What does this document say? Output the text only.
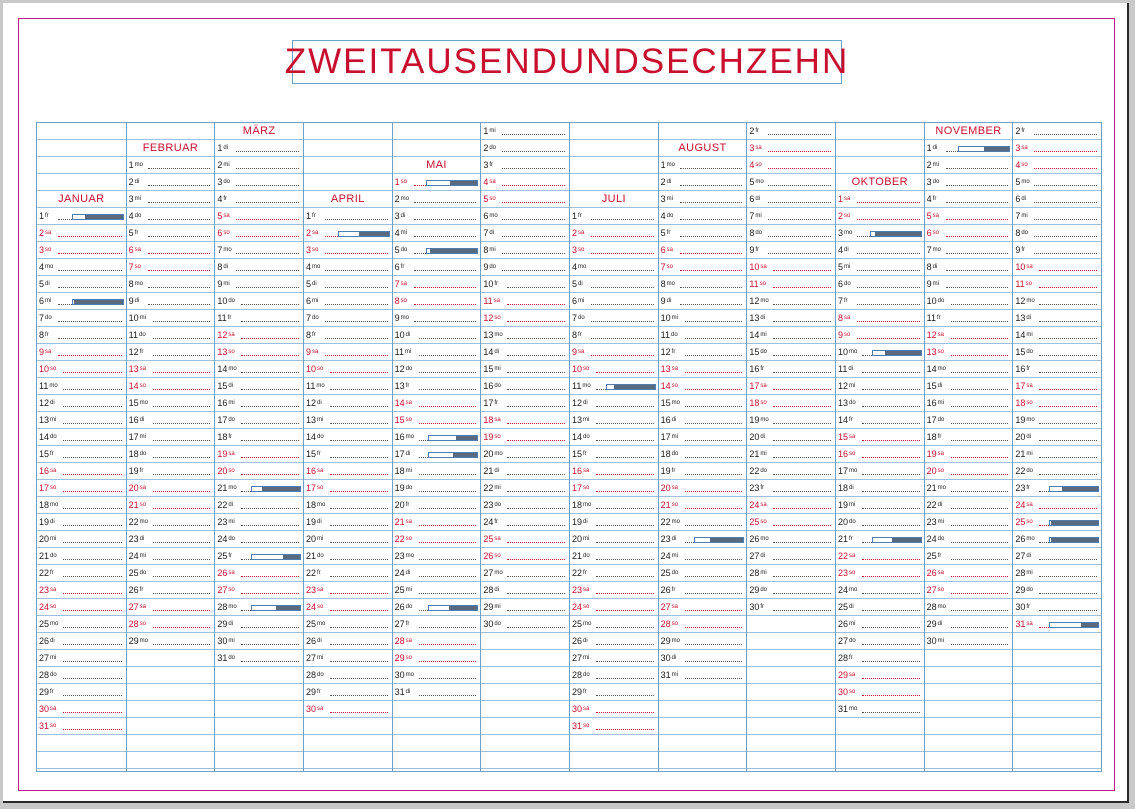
ZWEITAUSENDUNDSECHZEHN
JANUAR
$^{1fr}$
$^{2sa}$
$^{3so}$
$^{4mo}$
$^{5di}$
$^{6mi}$
$^{7do}$
$^{8fr}$
$^{9sa}$
$^{10so}$
$^{11mo}$
$^{12di}$
$^{13mi}$
$^{14do}$
$^{15fr}$
$^{16sa}$
$^{17so}$
$^{18mo}$
$^{19di}$
$^{20mi}$
$^{21do}$
$^{22fr}$
$^{23sa}$
$^{24so}$
$^{25mo}$
$^{26di}$
$^{27mi}$
$^{28do}$
$^{29fr}$
$^{30sa}$
$^{31so}$
FEBRUAR
$^{1mo}$
$^{2di}$
$^{3mi}$
$^{4do}$
$^{5fr}$
$^{6sa}$
$^{7so}$
$^{8mo}$
$^{9di}$
$^{10mi}$
$^{11do}$
$^{12fr}$
$^{13sa}$
$^{14so}$
$^{15mo}$
$^{16di}$
$^{17mi}$
$^{18do}$
$^{19fr}$
$^{20sa}$
$^{21so}$
$^{22mo}$
$^{23di}$
$^{24mi}$
$^{25do}$
$^{26fr}$
$^{27sa}$
$^{28so}$
$^{29mo}$
MÄRZ
$^{1di}$
$^{2mi}$
$^{3do}$
$^{4fr}$
$^{5sa}$
$^{6so}$
$^{7mo}$
$^{8di}$
$^{9mi}$
$^{10do}$
$^{11fr}$
$^{12sa}$
$^{13so}$
$^{14mo}$
$^{15di}$
$^{16mi}$
$^{17do}$
$^{18fr}$
$^{19sa}$
$^{20so}$
$^{21mo}$
$^{22di}$
$^{23mi}$
$^{24do}$
$^{25fr}$
$^{26sa}$
$^{27so}$
$^{28mo}$
$^{29di}$
$^{30mi}$
$^{31do}$
APRIL
$^{1fr}$
$^{2sa}$
$^{3so}$
$^{4mo}$
$^{5di}$
$^{6mi}$
$^{7do}$
$^{8fr}$
$^{9sa}$
$^{10so}$
$^{11mo}$
$^{12di}$
$^{13mi}$
$^{14do}$
$^{15fr}$
$^{16sa}$
$^{17so}$
$^{18mo}$
$^{19di}$
$^{20mi}$
$^{21do}$
$^{22fr}$
$^{23sa}$
$^{24so}$
$^{25mo}$
$^{26di}$
$^{27mi}$
$^{28do}$
$^{29fr}$
$^{30sa}$
MAI
$^{1so}$
$^{2mo}$
$^{3di}$
$^{4mi}$
$^{5do}$
$^{6fr}$
$^{7sa}$
$^{8so}$
$^{9mo}$
$^{10di}$
$^{11mi}$
$^{12do}$
$^{13fr}$
$^{14sa}$
$^{15so}$
$^{16mo}$
$^{17di}$
$^{18mi}$
$^{19do}$
$^{20fr}$
$^{21sa}$
$^{22so}$
$^{23mo}$
$^{24di}$
$^{25mi}$
$^{26do}$
$^{27fr}$
$^{28sa}$
$^{29so}$
$^{30mo}$
$^{31di}$
$^{1mi}$
$^{2do}$
$^{3fr}$
$^{4sa}$
$^{5so}$
$^{6mo}$
$^{7di}$
$^{8mi}$
$^{9do}$
$^{10fr}$
$^{11sa}$
$^{12so}$
$^{13mo}$
$^{14di}$
$^{15mi}$
$^{16do}$
$^{17fr}$
$^{18sa}$
$^{19so}$
$^{20mo}$
$^{21di}$
$^{22mi}$
$^{23do}$
$^{24fr}$
$^{25sa}$
$^{26so}$
$^{27mo}$
$^{28di}$
$^{29mi}$
$^{30do}$
JULI
$^{1fr}$
$^{2sa}$
$^{3so}$
$^{4mo}$
$^{5di}$
$^{6mi}$
$^{7do}$
$^{8fr}$
$^{9sa}$
$^{10so}$
$^{11mo}$
$^{12di}$
$^{13mi}$
$^{14do}$
$^{15fr}$
$^{16sa}$
$^{17so}$
$^{18mo}$
$^{19di}$
$^{20mi}$
$^{21do}$
$^{22fr}$
$^{23sa}$
$^{24so}$
$^{25mo}$
$^{26di}$
$^{27mi}$
$^{28do}$
$^{29fr}$
$^{30sa}$
$^{31so}$
AUGUST
$^{1mo}$
$^{2di}$
$^{3mi}$
$^{4do}$
$^{5fr}$
$^{6sa}$
$^{7so}$
$^{8mo}$
$^{9di}$
$^{10mi}$
$^{11do}$
$^{12fr}$
$^{13sa}$
$^{14so}$
$^{15mo}$
$^{16di}$
$^{17mi}$
$^{18do}$
$^{19fr}$
$^{20sa}$
$^{21so}$
$^{22mo}$
$^{23di}$
$^{24mi}$
$^{25do}$
$^{26fr}$
$^{27sa}$
$^{28so}$
$^{29mo}$
$^{30di}$
$^{31mi}$
$^{2fr}$
$^{3sa}$
$^{4so}$
$^{5mo}$
$^{6di}$
$^{7mi}$
$^{8do}$
$^{9fr}$
$^{10sa}$
$^{11so}$
$^{12mo}$
$^{13di}$
$^{14mi}$
$^{15do}$
$^{16fr}$
$^{17sa}$
$^{18so}$
$^{19mo}$
$^{20di}$
$^{21mi}$
$^{22do}$
$^{23fr}$
$^{24sa}$
$^{25so}$
$^{26mo}$
$^{27di}$
$^{28mi}$
$^{29do}$
$^{30fr}$
OKTOBER
$^{1sa}$
$^{2so}$
$^{3mo}$
$^{4di}$
$^{5mi}$
$^{6do}$
$^{7fr}$
$^{8sa}$
$^{9so}$
$^{10mo}$
$^{11di}$
$^{12mi}$
$^{13do}$
$^{14fr}$
$^{15sa}$
$^{16so}$
$^{17mo}$
$^{18di}$
$^{19mi}$
$^{20do}$
$^{21fr}$
$^{22sa}$
$^{23so}$
$^{24mo}$
$^{25di}$
$^{26mi}$
$^{27do}$
$^{28fr}$
$^{29sa}$
$^{30so}$
$^{31mo}$
NOVEMBER
$^{1di}$
$^{2mi}$
$^{3do}$
$^{4fr}$
$^{5sa}$
$^{6so}$
$^{7mo}$
$^{8di}$
$^{9mi}$
$^{10do}$
$^{11fr}$
$^{12sa}$
$^{13so}$
$^{14mo}$
$^{15di}$
$^{16mi}$
$^{17do}$
$^{18fr}$
$^{19sa}$
$^{20so}$
$^{21mo}$
$^{22di}$
$^{23mi}$
$^{24do}$
$^{25fr}$
$^{26sa}$
$^{27so}$
$^{28mo}$
$^{29di}$
$^{30mi}$
$^{2fr}$
$^{3sa}$
$^{4so}$
$^{5mo}$
$^{6di}$
$^{7mi}$
$^{8do}$
$^{9fr}$
$^{10sa}$
$^{11so}$
$^{12mo}$
$^{13di}$
$^{14mi}$
$^{15do}$
$^{16fr}$
$^{17sa}$
$^{18so}$
$^{19mo}$
$^{20di}$
$^{21mi}$
$^{22do}$
$^{23fr}$
$^{24sa}$
$^{25so}$
$^{26mo}$
$^{27di}$
$^{28mi}$
$^{29do}$
$^{30fr}$
$^{31sa}$
